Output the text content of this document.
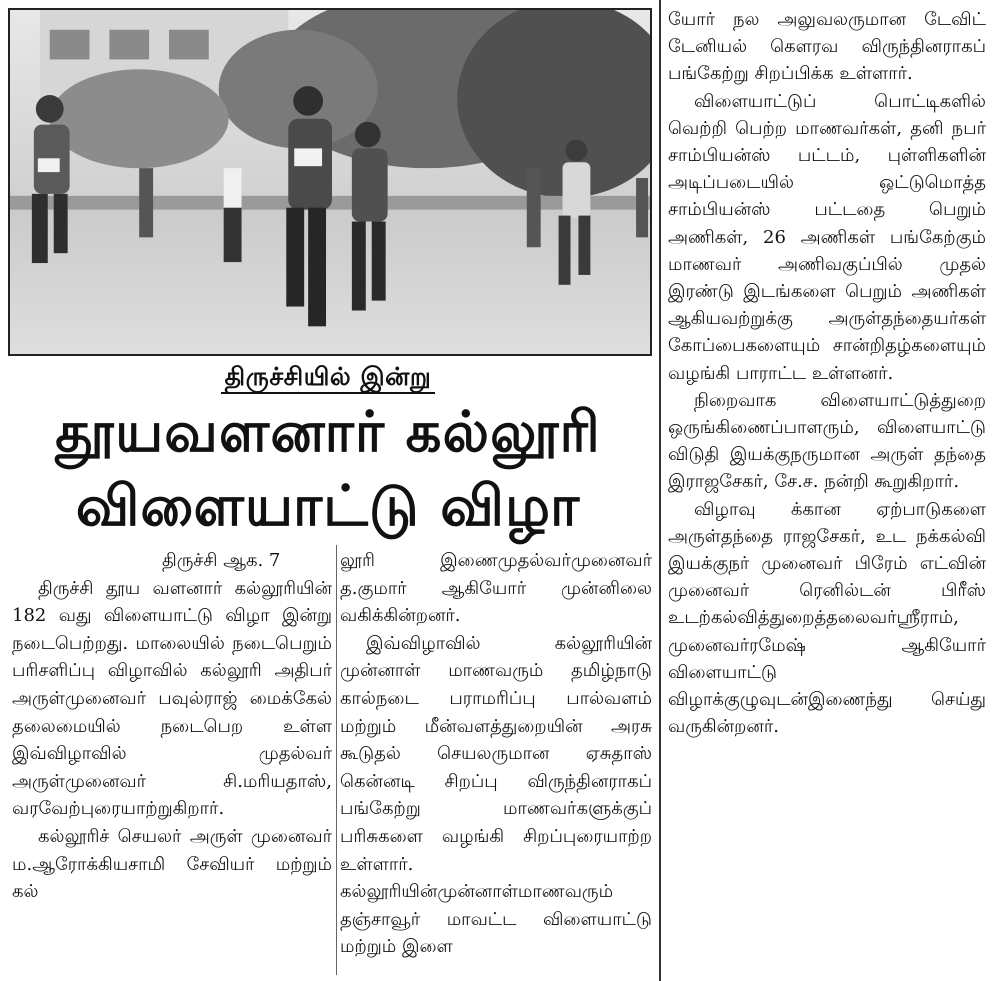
திருச்சியில் இன்று
தூயவளனார் கல்லூரி
விளையாட்டு விழா

திருச்சி ஆக. 7

திருச்சி தூய வளனார் கல்லூரியின் 182 வது விளையாட்டு விழா இன்று நடைபெற்றது. மாலையில் நடைபெறும் பரிசளிப்பு விழாவில் கல்லூரி அதிபர் அருள்முனைவர் பவுல்ராஜ் மைக்கேல் தலைமையில் நடைபெற உள்ள இவ்விழாவில் முதல்வர் அருள்முனைவர் சி.மரியதாஸ், வரவேற்புரையாற்றுகிறார்.

கல்லூரிச் செயலர் அருள் முனைவர் ம.ஆரோக்கியசாமி சேவியர் மற்றும் கல்

லூரி இணைமுதல்வர்முனைவர் த.குமார் ஆகியோர் முன்னிலை வகிக்கின்றனர்.

இவ்விழாவில் கல்லூரியின் முன்னாள் மாணவரும் தமிழ்நாடு கால்நடை பராமரிப்பு பால்வளம் மற்றும் மீன்வளத்துறையின் அரசு கூடுதல் செயலருமான ஏசுதாஸ் கென்னடி சிறப்பு விருந்தினராகப் பங்கேற்று மாணவர்களுக்குப் பரிசுகளை வழங்கி சிறப்புரையாற்ற உள்ளார். கல்லூரியின்முன்னாள்மாணவரும் தஞ்சாவூர் மாவட்ட விளையாட்டு மற்றும் இளை

யோர் நல அலுவலருமான டேவிட் டேனியல் கௌரவ விருந்தினராகப் பங்கேற்று சிறப்பிக்க உள்ளார்.

விளையாட்டுப் பொட்டிகளில் வெற்றி பெற்ற மாணவர்கள், தனி நபர் சாம்பியன்ஸ் பட்டம், புள்ளிகளின் அடிப்படையில் ஒட்டுமொத்த சாம்பியன்ஸ் பட்டதை பெறும் அணிகள், 26 அணிகள் பங்கேற்கும் மாணவர் அணிவகுப்பில் முதல் இரண்டு இடங்களை பெறும் அணிகள் ஆகியவற்றுக்கு அருள்தந்தையர்கள் கோப்பைகளையும் சான்றிதழ்களையும் வழங்கி பாராட்ட உள்ளனர்.

நிறைவாக விளையாட்டுத்துறை ஒருங்கிணைப்பாளரும், விளையாட்டு விடுதி இயக்குநருமான அருள் தந்தை இராஜசேகர், சே.ச. நன்றி கூறுகிறார்.

விழாவு க்கான ஏற்பாடுகளை அருள்தந்தை ராஜசேகர், உட நக்கல்வி இயக்குநர் முனைவர் பிரேம் எட்வின் முனைவர் ரெனில்டன் பிரீஸ் உடற்கல்வித்துறைத்தலைவர்ஸ்ரீராம், முனைவர்ரமேஷ் ஆகியோர் விளையாட்டு விழாக்குழுவுடன்இணைந்து செய்து வருகின்றனர்.
